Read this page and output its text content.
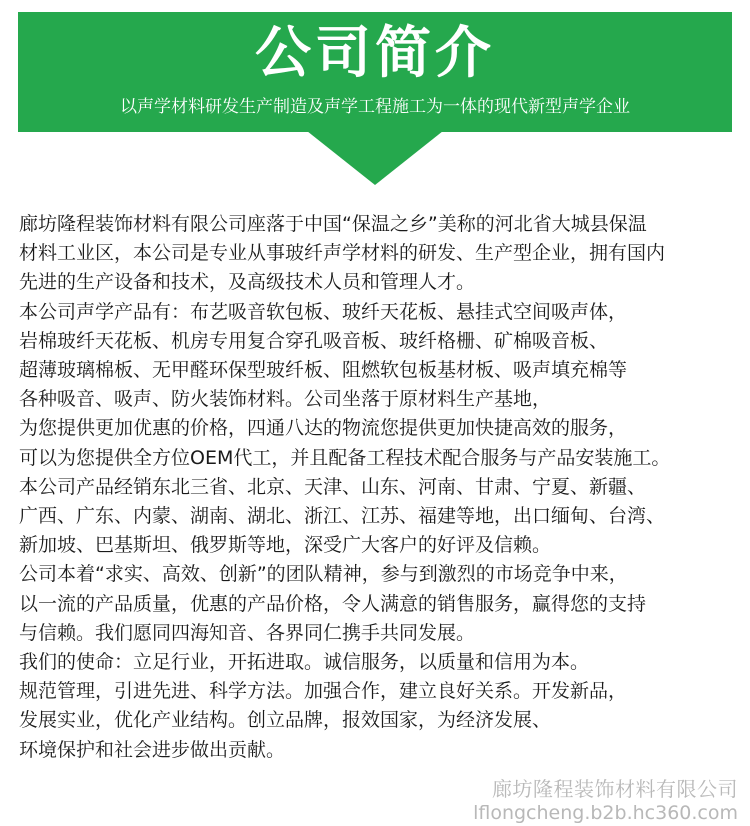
公司简介
以声学材料研发生产制造及声学工程施工为一体的现代新型声学企业

廊坊隆程装饰材料有限公司座落于中国“保温之乡”美称的河北省大城县保温

材料工业区，本公司是专业从事玻纤声学材料的研发、生产型企业，拥有国内

先进的生产设备和技术，及高级技术人员和管理人才。

本公司声学产品有：布艺吸音软包板、玻纤天花板、悬挂式空间吸声体，

岩棉玻纤天花板、机房专用复合穿孔吸音板、玻纤格栅、矿棉吸音板、

超薄玻璃棉板、无甲醛环保型玻纤板、阻燃软包板基材板、吸声填充棉等

各种吸音、吸声、防火装饰材料。公司坐落于原材料生产基地，

为您提供更加优惠的价格，四通八达的物流您提供更加快捷高效的服务，

可以为您提供全方位OEM代工，并且配备工程技术配合服务与产品安装施工。

本公司产品经销东北三省、北京、天津、山东、河南、甘肃、宁夏、新疆、

广西、广东、内蒙、湖南、湖北、浙江、江苏、福建等地，出口缅甸、台湾、

新加坡、巴基斯坦、俄罗斯等地，深受广大客户的好评及信赖。

公司本着“求实、高效、创新”的团队精神，参与到激烈的市场竞争中来，

以一流的产品质量，优惠的产品价格，令人满意的销售服务，赢得您的支持

与信赖。我们愿同四海知音、各界同仁携手共同发展。

我们的使命：立足行业，开拓进取。诚信服务，以质量和信用为本。

规范管理，引进先进、科学方法。加强合作，建立良好关系。开发新品，

发展实业，优化产业结构。创立品牌，报效国家，为经济发展、

环境保护和社会进步做出贡献。

廊坊隆程装饰材料有限公司
lflongcheng.b2b.hc360.com
